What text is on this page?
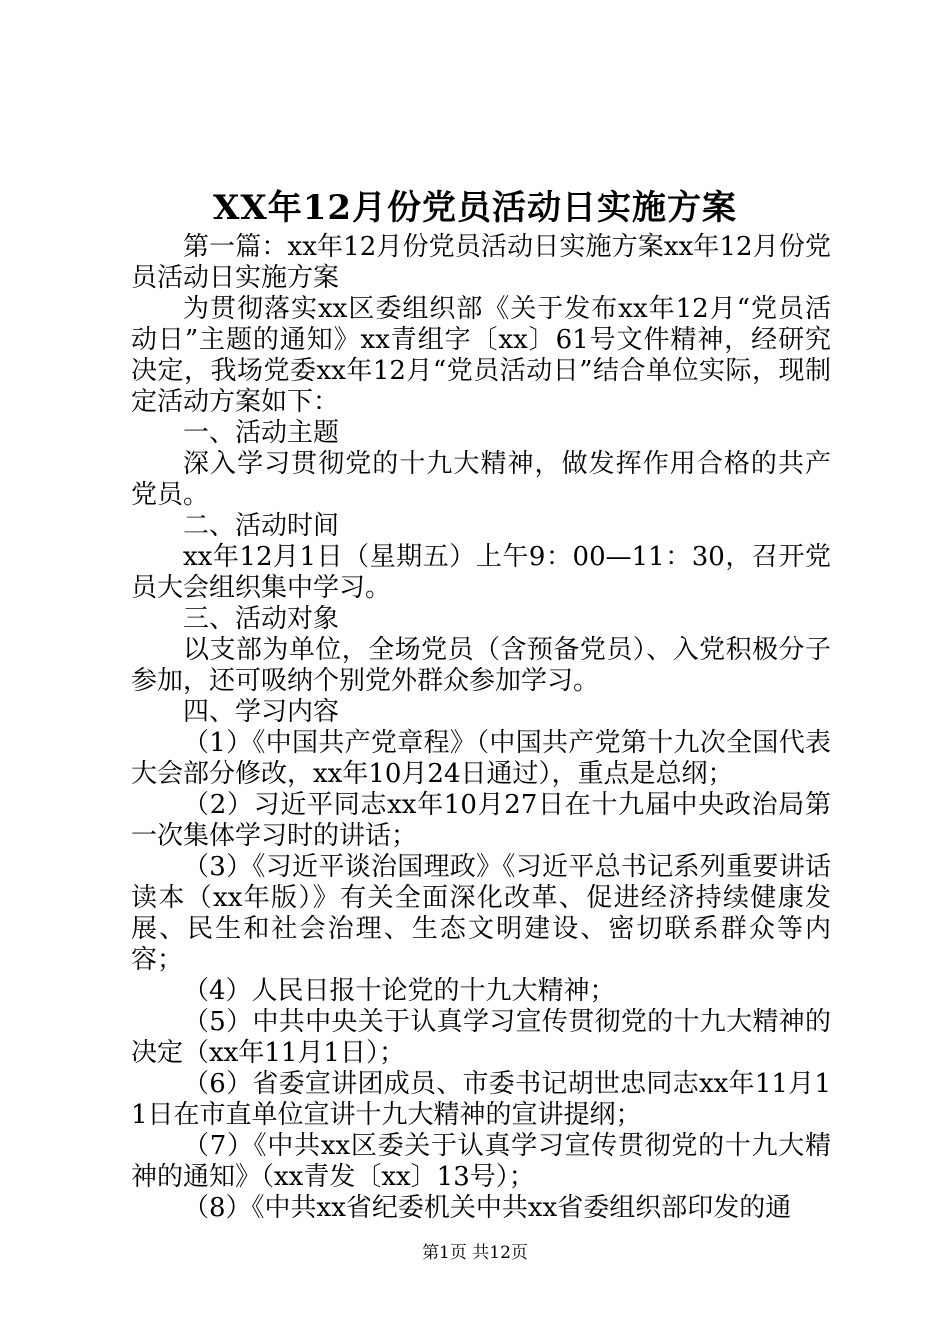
XX年12月份党员活动日实施方案

第一篇：xx年12月份党员活动日实施方案xx年12月份党员活动日实施方案

为贯彻落实xx区委组织部《关于发布xx年12月“党员活动日”主题的通知》xx青组字〔xx〕61号文件精神，经研究决定，我场党委xx年12月“党员活动日”结合单位实际，现制定活动方案如下：

一、活动主题

深入学习贯彻党的十九大精神，做发挥作用合格的共产党员。

二、活动时间

xx年12月1日（星期五）上午9：00—11：30，召开党员大会组织集中学习。

三、活动对象

以支部为单位，全场党员（含预备党员）、入党积极分子参加，还可吸纳个别党外群众参加学习。

四、学习内容

（1）《中国共产党章程》（中国共产党第十九次全国代表大会部分修改，xx年10月24日通过），重点是总纲；

（2）习近平同志xx年10月27日在十九届中央政治局第一次集体学习时的讲话；

（3）《习近平谈治国理政》《习近平总书记系列重要讲话读本（xx年版）》有关全面深化改革、促进经济持续健康发展、民生和社会治理、生态文明建设、密切联系群众等内容；

（4）人民日报十论党的十九大精神；

（5）中共中央关于认真学习宣传贯彻党的十九大精神的决定（xx年11月1日）；

（6）省委宣讲团成员、市委书记胡世忠同志xx年11月11日在市直单位宣讲十九大精神的宣讲提纲；

（7）《中共xx区委关于认真学习宣传贯彻党的十九大精神的通知》（xx青发〔xx〕13号）；

（8）《中共xx省纪委机关中共xx省委组织部印发的通

第1页 共12页
